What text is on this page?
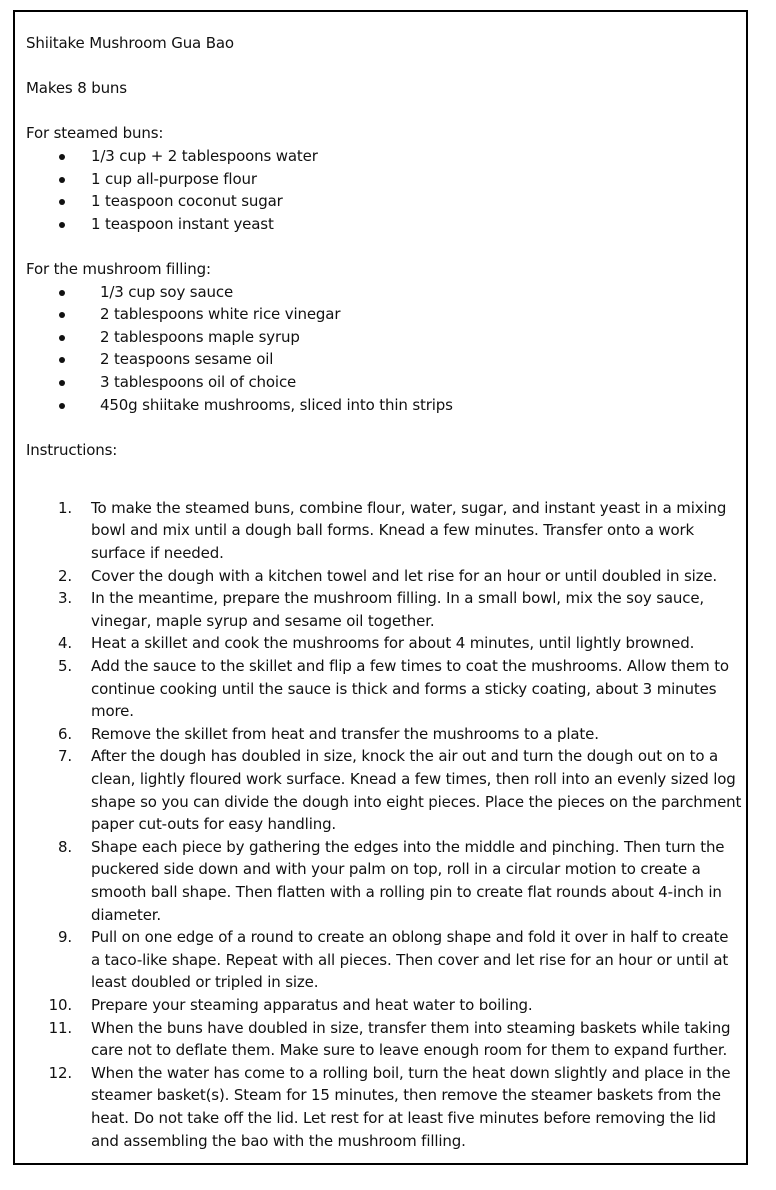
Shiitake Mushroom Gua Bao

Makes 8 buns

For steamed buns:

1/3 cup + 2 tablespoons water
1 cup all-purpose flour
1 teaspoon coconut sugar
1 teaspoon instant yeast

For the mushroom filling:

1/3 cup soy sauce
2 tablespoons white rice vinegar
2 tablespoons maple syrup
2 teaspoons sesame oil
3 tablespoons oil of choice
450g shiitake mushrooms, sliced into thin strips

Instructions:

1. To make the steamed buns, combine flour, water, sugar, and instant yeast in a mixing
bowl and mix until a dough ball forms. Knead a few minutes. Transfer onto a work
surface if needed.
2. Cover the dough with a kitchen towel and let rise for an hour or until doubled in size.
3. In the meantime, prepare the mushroom filling. In a small bowl, mix the soy sauce,
vinegar, maple syrup and sesame oil together.
4. Heat a skillet and cook the mushrooms for about 4 minutes, until lightly browned.
5. Add the sauce to the skillet and flip a few times to coat the mushrooms. Allow them to
continue cooking until the sauce is thick and forms a sticky coating, about 3 minutes
more.
6. Remove the skillet from heat and transfer the mushrooms to a plate.
7. After the dough has doubled in size, knock the air out and turn the dough out on to a
clean, lightly floured work surface. Knead a few times, then roll into an evenly sized log
shape so you can divide the dough into eight pieces. Place the pieces on the parchment
paper cut-outs for easy handling.
8. Shape each piece by gathering the edges into the middle and pinching. Then turn the
puckered side down and with your palm on top, roll in a circular motion to create a
smooth ball shape. Then flatten with a rolling pin to create flat rounds about 4-inch in
diameter.
9. Pull on one edge of a round to create an oblong shape and fold it over in half to create
a taco-like shape. Repeat with all pieces. Then cover and let rise for an hour or until at
least doubled or tripled in size.
10. Prepare your steaming apparatus and heat water to boiling.
11. When the buns have doubled in size, transfer them into steaming baskets while taking
care not to deflate them. Make sure to leave enough room for them to expand further.
12. When the water has come to a rolling boil, turn the heat down slightly and place in the
steamer basket(s). Steam for 15 minutes, then remove the steamer baskets from the
heat. Do not take off the lid. Let rest for at least five minutes before removing the lid
and assembling the bao with the mushroom filling.
